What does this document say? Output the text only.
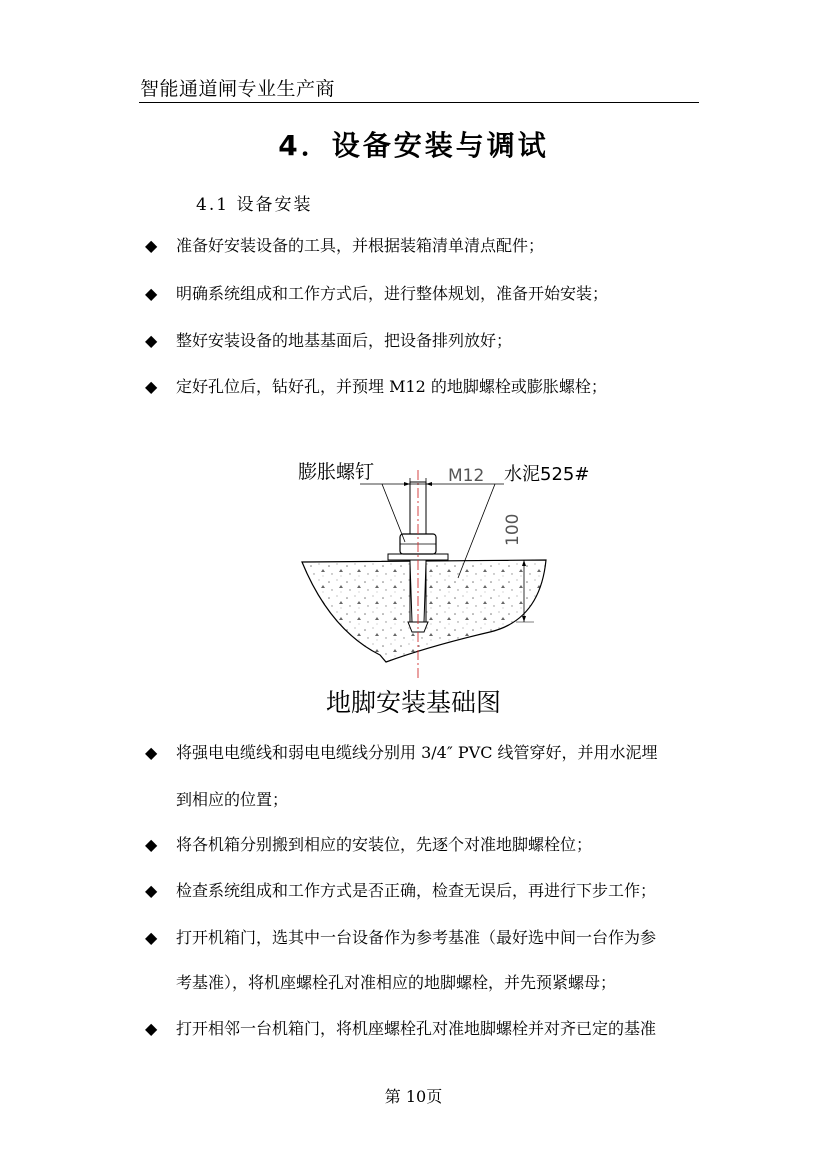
智能通道闸专业生产商
4．设备安装与调试
4.1 设备安装
◆ 准备好安装设备的工具，并根据装箱清单清点配件；
◆ 明确系统组成和工作方式后，进行整体规划，准备开始安装；
◆ 整好安装设备的地基基面后，把设备排列放好；
◆ 定好孔位后，钻好孔，并预埋 M12 的地脚螺栓或膨胀螺栓；
膨胀螺钉	M12 水泥525#
100
地脚安装基础图
◆ 将强电电缆线和弱电电缆线分别用 3/4″ PVC 线管穿好，并用水泥埋
到相应的位置；
◆ 将各机箱分别搬到相应的安装位，先逐个对准地脚螺栓位；
◆ 检查系统组成和工作方式是否正确，检查无误后，再进行下步工作；
◆ 打开机箱门，选其中一台设备作为参考基准（最好选中间一台作为参
考基准），将机座螺栓孔对准相应的地脚螺栓，并先预紧螺母；
◆ 打开相邻一台机箱门，将机座螺栓孔对准地脚螺栓并对齐已定的基准
第 10页
